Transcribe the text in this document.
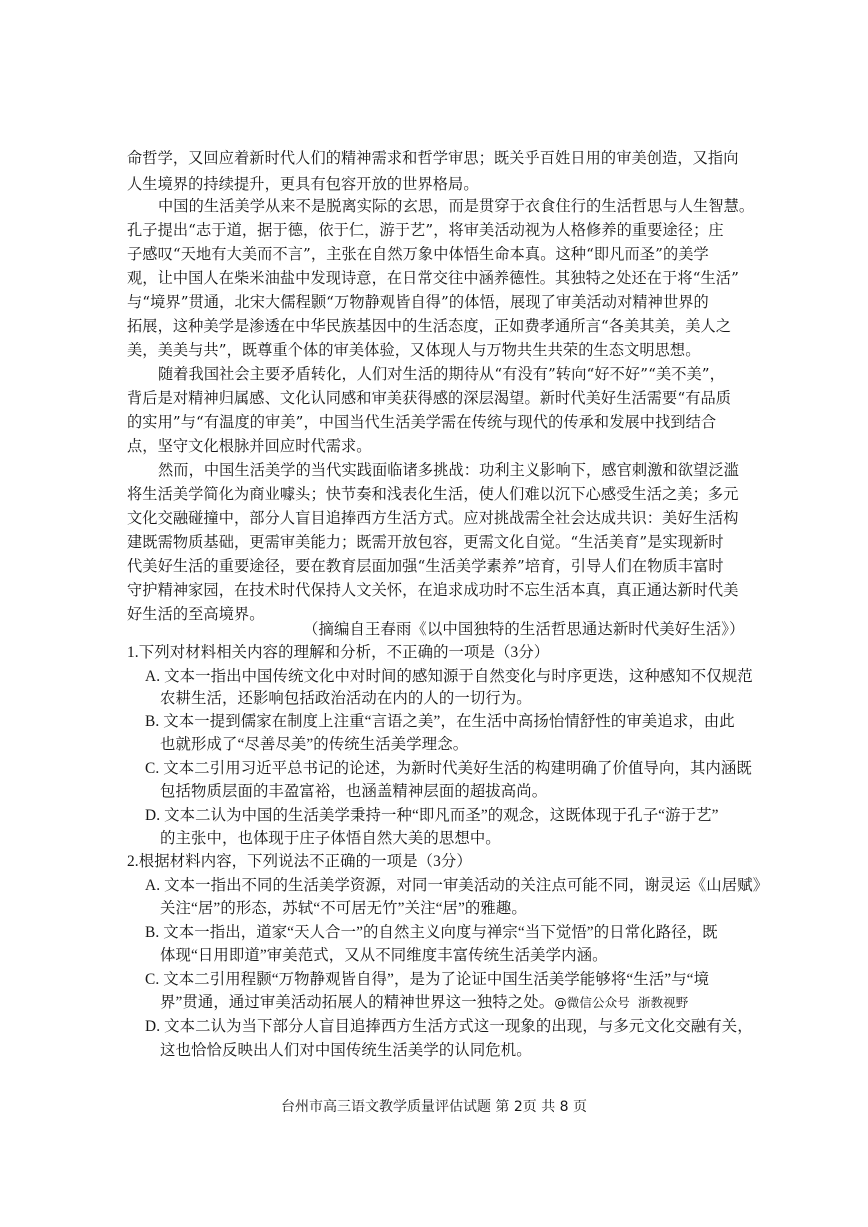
命哲学，又回应着新时代人们的精神需求和哲学审思；既关乎百姓日用的审美创造，又指向
人生境界的持续提升，更具有包容开放的世界格局。
中国的生活美学从来不是脱离实际的玄思，而是贯穿于衣食住行的生活哲思与人生智慧。
孔子提出“志于道，据于德，依于仁，游于艺”，将审美活动视为人格修养的重要途径；庄
子感叹“天地有大美而不言”，主张在自然万象中体悟生命本真。这种“即凡而圣”的美学
观，让中国人在柴米油盐中发现诗意，在日常交往中涵养德性。其独特之处还在于将“生活”
与“境界”贯通，北宋大儒程颢“万物静观皆自得”的体悟，展现了审美活动对精神世界的
拓展，这种美学是渗透在中华民族基因中的生活态度，正如费孝通所言“各美其美，美人之
美，美美与共”，既尊重个体的审美体验，又体现人与万物共生共荣的生态文明思想。
随着我国社会主要矛盾转化，人们对生活的期待从“有没有”转向“好不好”“美不美”，
背后是对精神归属感、文化认同感和审美获得感的深层渴望。新时代美好生活需要“有品质
的实用”与“有温度的审美”，中国当代生活美学需在传统与现代的传承和发展中找到结合
点，坚守文化根脉并回应时代需求。
然而，中国生活美学的当代实践面临诸多挑战：功利主义影响下，感官刺激和欲望泛滥
将生活美学简化为商业噱头；快节奏和浅表化生活，使人们难以沉下心感受生活之美；多元
文化交融碰撞中，部分人盲目追捧西方生活方式。应对挑战需全社会达成共识：美好生活构
建既需物质基础，更需审美能力；既需开放包容，更需文化自觉。“生活美育”是实现新时
代美好生活的重要途径，要在教育层面加强“生活美学素养”培育，引导人们在物质丰富时
守护精神家园，在技术时代保持人文关怀，在追求成功时不忘生活本真，真正通达新时代美
好生活的至高境界。
（摘编自王春雨《以中国独特的生活哲思通达新时代美好生活》）
1.下列对材料相关内容的理解和分析，不正确的一项是（3分）
A. 文本一指出中国传统文化中对时间的感知源于自然变化与时序更迭，这种感知不仅规范
农耕生活，还影响包括政治活动在内的人的一切行为。
B. 文本一提到儒家在制度上注重“言语之美”，在生活中高扬怡情舒性的审美追求，由此
也就形成了“尽善尽美”的传统生活美学理念。
C. 文本二引用习近平总书记的论述，为新时代美好生活的构建明确了价值导向，其内涵既
包括物质层面的丰盈富裕，也涵盖精神层面的超拔高尚。
D. 文本二认为中国的生活美学秉持一种“即凡而圣”的观念，这既体现于孔子“游于艺”
的主张中，也体现于庄子体悟自然大美的思想中。
2.根据材料内容，下列说法不正确的一项是（3分）
A. 文本一指出不同的生活美学资源，对同一审美活动的关注点可能不同，谢灵运《山居赋》
关注“居”的形态，苏轼“不可居无竹”关注“居”的雅趣。
B. 文本一指出，道家“天人合一”的自然主义向度与禅宗“当下觉悟”的日常化路径，既
体现“日用即道”审美范式，又从不同维度丰富传统生活美学内涵。
C. 文本二引用程颢“万物静观皆自得”，是为了论证中国生活美学能够将“生活”与“境
界”贯通，通过审美活动拓展人的精神世界这一独特之处。@微信公众号  浙教视野
D. 文本二认为当下部分人盲目追捧西方生活方式这一现象的出现，与多元文化交融有关，
这也恰恰反映出人们对中国传统生活美学的认同危机。
台州市高三语文教学质量评估试题 第 2页 共 8 页
